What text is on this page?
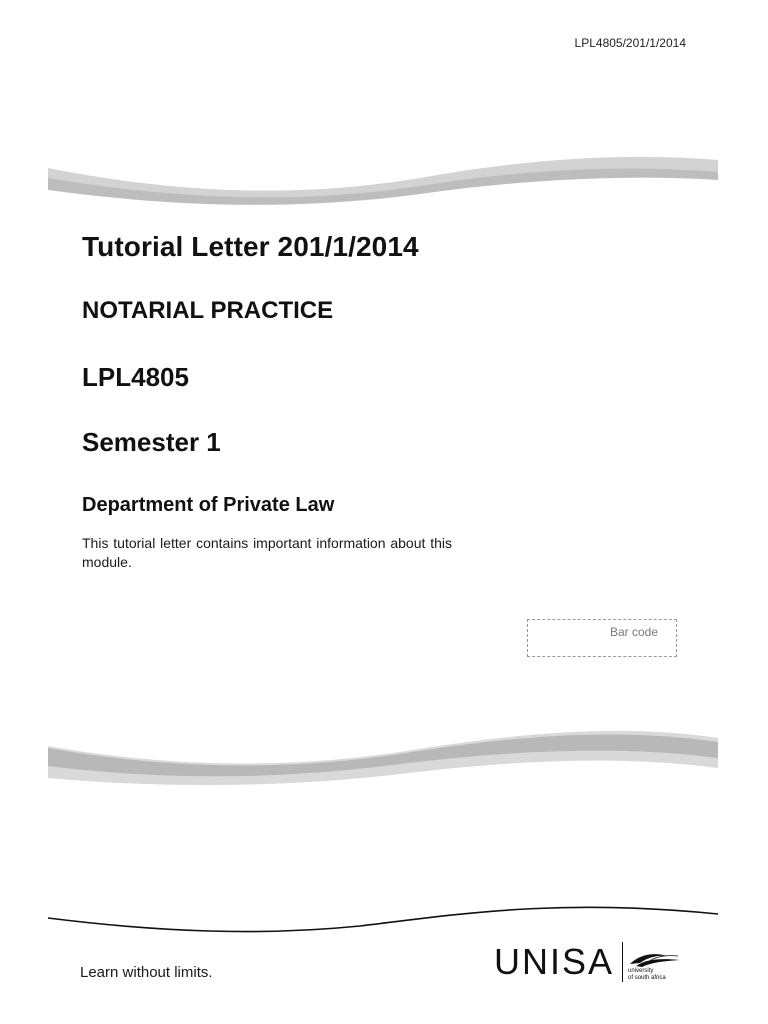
LPL4805/201/1/2014
Tutorial Letter 201/1/2014
NOTARIAL PRACTICE
LPL4805
Semester 1
Department of Private Law
This tutorial letter contains important information about this module.
Bar code
Learn without limits.	UNISA university
of south africa
